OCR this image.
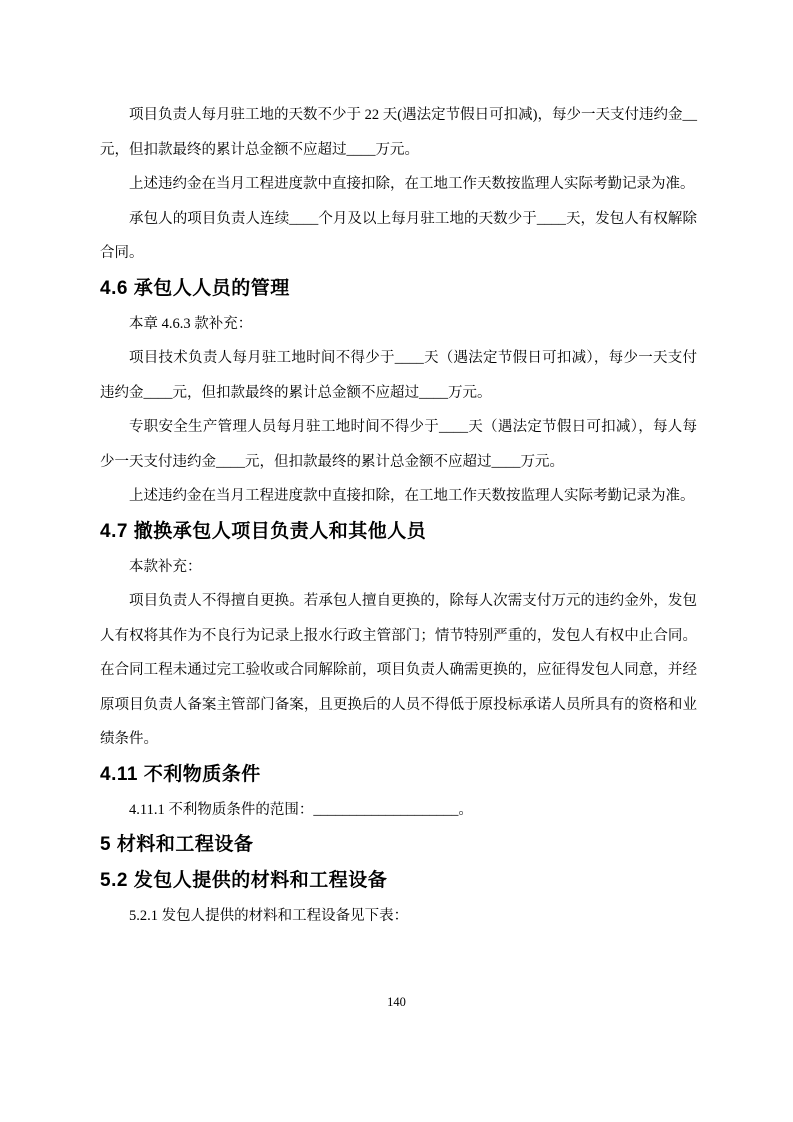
项目负责人每月驻工地的天数不少于 22 天(遇法定节假日可扣减)，每少一天支付违约金__元，但扣款最终的累计总金额不应超过____万元。

上述违约金在当月工程进度款中直接扣除，在工地工作天数按监理人实际考勤记录为准。

承包人的项目负责人连续____个月及以上每月驻工地的天数少于____天，发包人有权解除合同。

4.6 承包人人员的管理

本章 4.6.3 款补充：

项目技术负责人每月驻工地时间不得少于____天（遇法定节假日可扣减），每少一天支付违约金____元，但扣款最终的累计总金额不应超过____万元。

专职安全生产管理人员每月驻工地时间不得少于____天（遇法定节假日可扣减），每人每少一天支付违约金____元，但扣款最终的累计总金额不应超过____万元。

上述违约金在当月工程进度款中直接扣除，在工地工作天数按监理人实际考勤记录为准。

4.7 撤换承包人项目负责人和其他人员

本款补充：

项目负责人不得擅自更换。若承包人擅自更换的，除每人次需支付万元的违约金外，发包人有权将其作为不良行为记录上报水行政主管部门；情节特别严重的，发包人有权中止合同。在合同工程未通过完工验收或合同解除前，项目负责人确需更换的，应征得发包人同意，并经原项目负责人备案主管部门备案，且更换后的人员不得低于原投标承诺人员所具有的资格和业绩条件。

4.11 不利物质条件

4.11.1 不利物质条件的范围：____________________。

5 材料和工程设备
5.2 发包人提供的材料和工程设备

5.2.1 发包人提供的材料和工程设备见下表：

140
